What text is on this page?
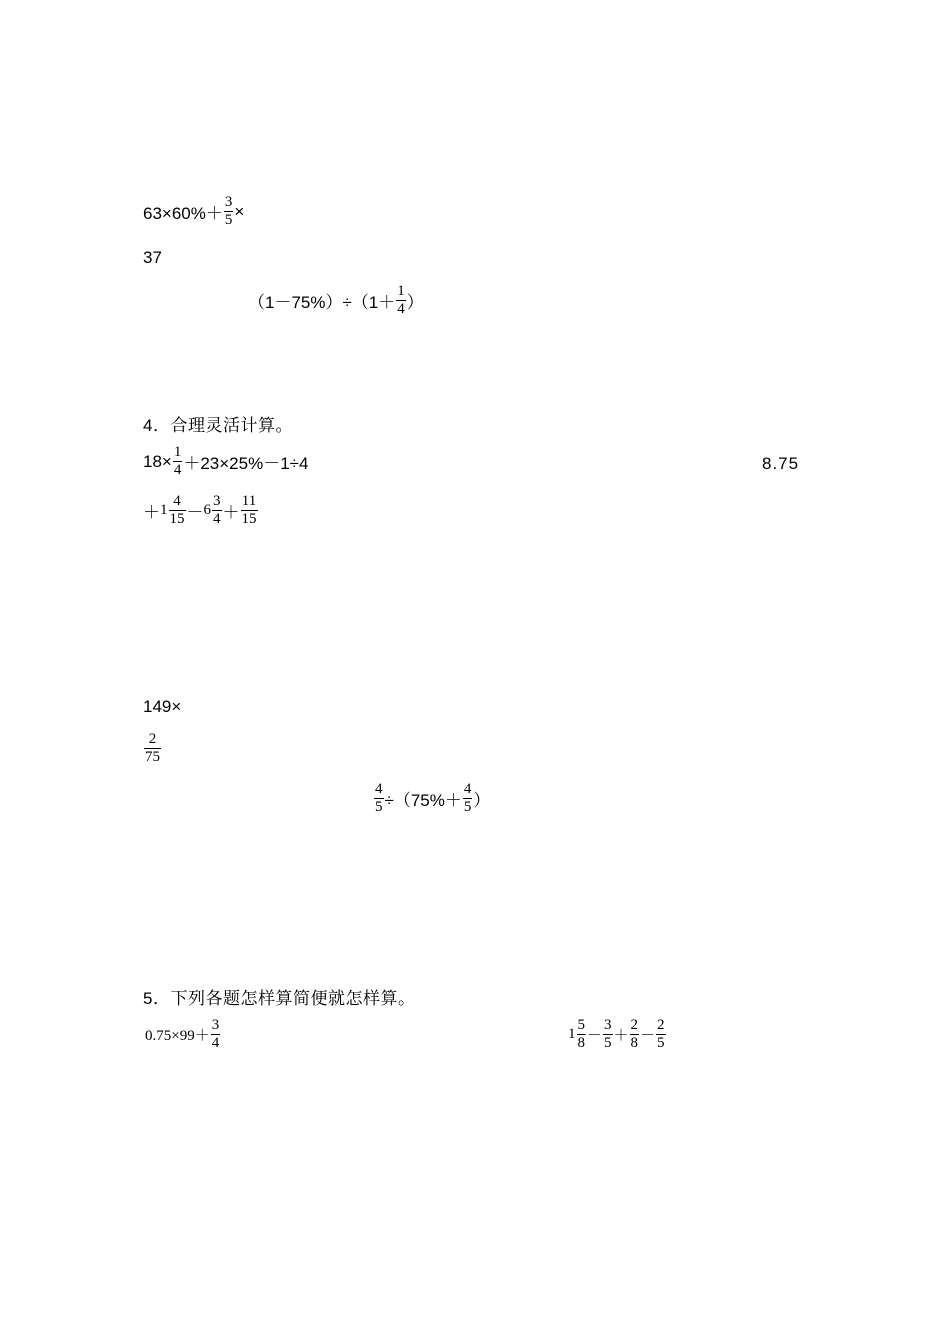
$63\times 60\%+ \frac{3}{5}$ ×
37
$(1-75\%)\div(1+ \frac{1}{4}$ ）
4．合理灵活计算。
$18\times \frac{1}{4} +23\times 25\%-1\div 4$	8.75
＋ $1 \frac{4}{15} - 6 \frac{3}{4} + \frac{11}{15}$
149×
$\frac{2}{75}$
$\frac{4}{5} \div(75\%+ \frac{4}{5}$ ）
5．下列各题怎样算简便就怎样算。
$0.75\times 99+ \frac{3}{4}$	$1 \frac{5}{8} - \frac{3}{5} + \frac{2}{8} - \frac{2}{5}$
